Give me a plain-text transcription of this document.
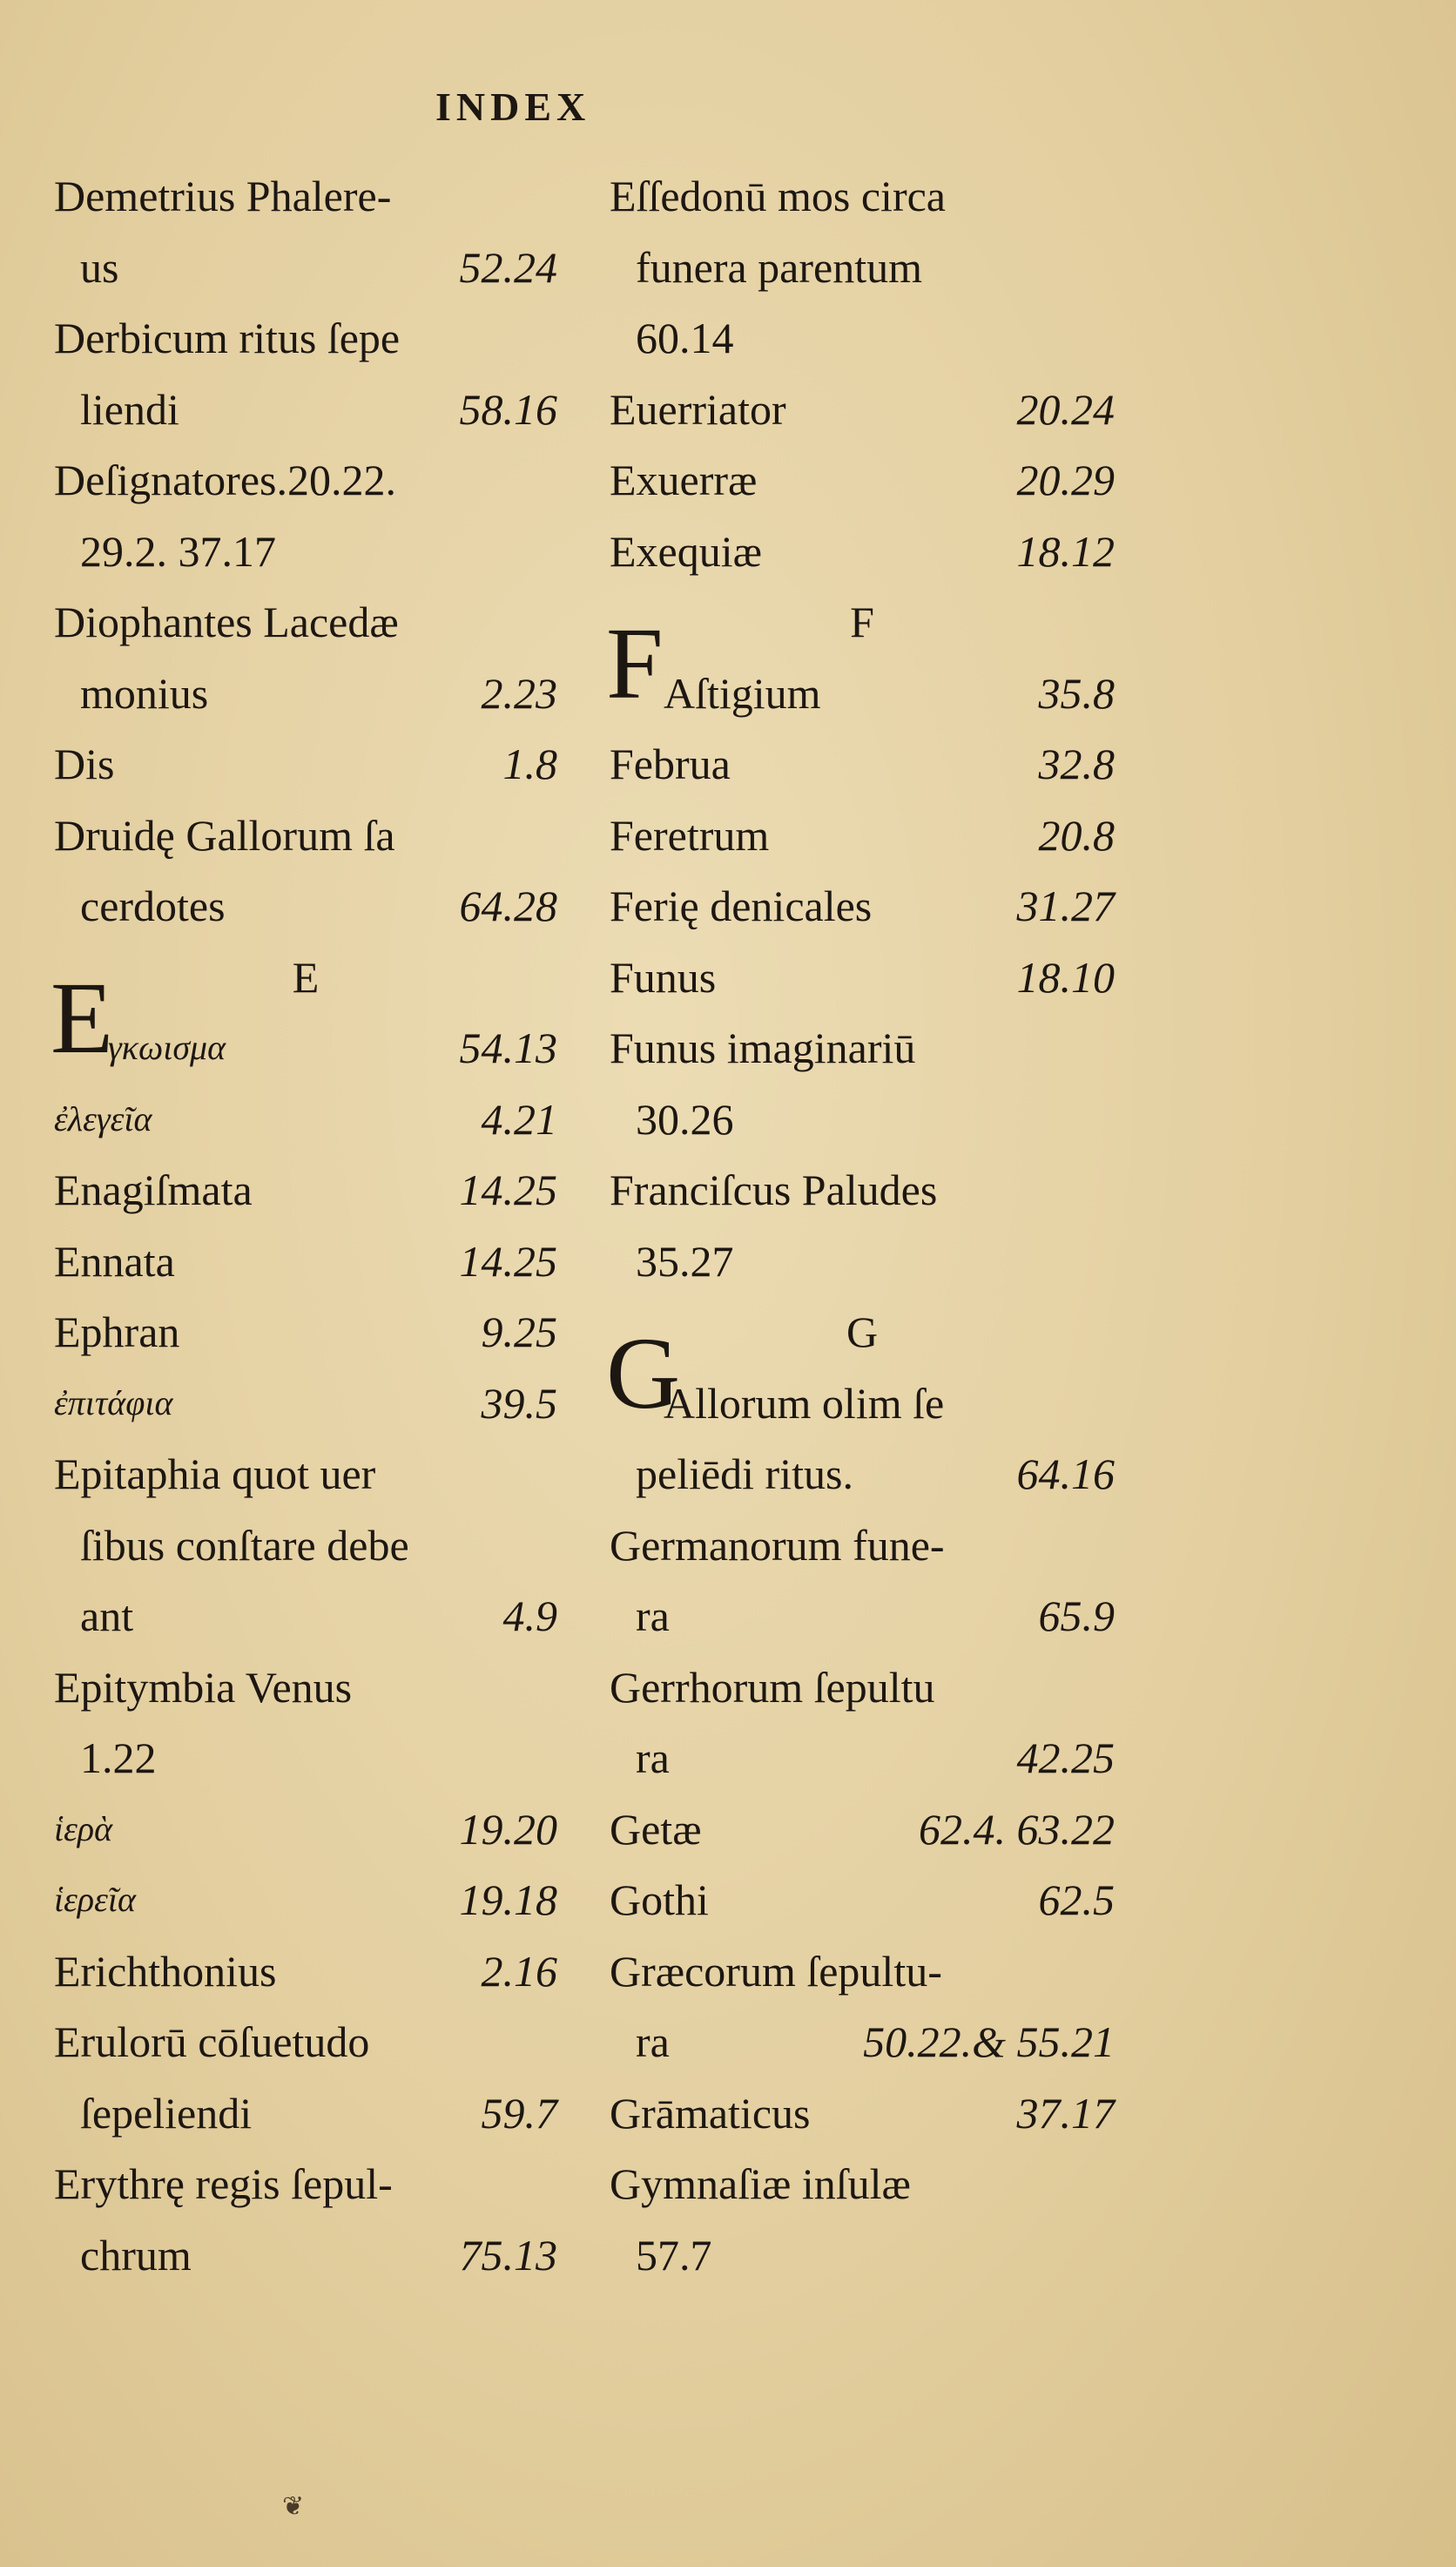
INDEX
Demetrius Phalere-
us	52.24
Derbicum ritus ſepe
liendi	58.16
Deſignatores.20.22.
29.2. 37.17
Diophantes Lacedæ
monius	2.23
Dis	1.8
Druidę Gallorum ſa
cerdotes	64.28
E
E
γκωισμα	54.13
ἐλεγεῖα	4.21
Enagiſmata	14.25
Ennata	14.25
Ephran	9.25
ἐπιτάφια	39.5
Epitaphia quot uer
ſibus conſtare debe
ant	4.9
Epitymbia Venus
1.22
ἱερὰ	19.20
ἱερεῖα	19.18
Erichthonius	2.16
Erulorū cōſuetudo
ſepeliendi	59.7
Erythrę regis ſepul-
chrum	75.13
Eſſedonū mos circa
funera parentum
60.14
Euerriator	20.24
Exuerræ	20.29
Exequiæ	18.12
F
F Aſtigium	35.8
Februa	32.8
Feretrum	20.8
Ferię denicales	31.27
Funus	18.10
Funus imaginariū
30.26
Franciſcus Paludes
35.27
G
G
Allorum olim ſe
peliēdi ritus.	64.16
Germanorum fune-
ra	65.9
Gerrhorum ſepultu
ra	42.25
Getæ	62.4. 63.22
Gothi	62.5
Græcorum ſepultu-
ra	50.22.& 55.21
Grāmaticus	37.17
Gymnaſiæ inſulæ
57.7
❦
